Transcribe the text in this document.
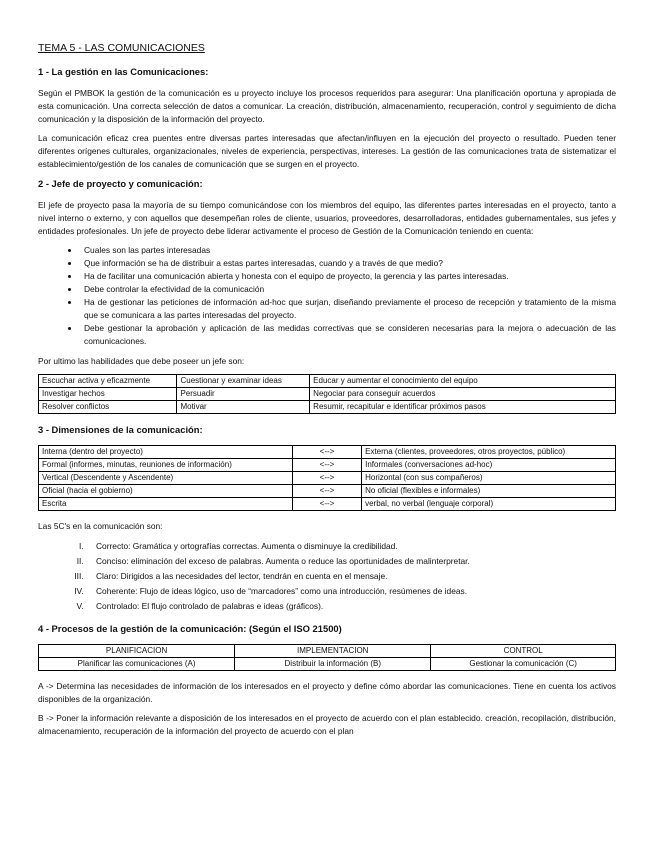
TEMA 5 - LAS COMUNICACIONES
1 - La gestión en las Comunicaciones:

Según el PMBOK la gestión de la comunicación es u proyecto incluye los procesos requeridos para asegurar: Una planificación oportuna y apropiada de esta comunicación. Una correcta selección de datos a comunicar. La creación, distribución, almacenamiento, recuperación, control y seguimiento de dicha comunicación y la disposición de la información del proyecto.

La comunicación eficaz crea puentes entre diversas partes interesadas que afectan/influyen en la ejecución del proyecto o resultado. Pueden tener diferentes orígenes culturales, organizacionales, niveles de experiencia, perspectivas, intereses. La gestión de las comunicaciones trata de sistematizar el establecimiento/gestión de los canales de comunicación que se surgen en el proyecto.

2 - Jefe de proyecto y comunicación:

El jefe de proyecto pasa la mayoría de su tiempo comunicándose con los miembros del equipo, las diferentes partes interesadas en el proyecto, tanto a nivel interno o externo, y con aquellos que desempeñan roles de cliente, usuarios, proveedores, desarrolladoras, entidades gubernamentales, sus jefes y entidades profesionales. Un jefe de proyecto debe liderar activamente el proceso de Gestión de la Comunicación teniendo en cuenta:

• Cuales son las partes interesadas
• Que información se ha de distribuir a estas partes interesadas, cuando y a través de que medio?
• Ha de facilitar una comunicación abierta y honesta con el equipo de proyecto, la gerencia y las partes interesadas.
• Debe controlar la efectividad de la comunicación
• Ha de gestionar las peticiones de información ad-hoc que surjan, diseñando previamente el proceso de recepción y tratamiento de la misma que se comunicara a las partes interesadas del proyecto.
• Debe gestionar la aprobación y aplicación de las medidas correctivas que se consideren necesarias para la mejora o adecuación de las comunicaciones.

Por ultimo las habilidades que debe poseer un jefe son:

Escuchar activa y eficazmente	Cuestionar y examinar ideas	Educar y aumentar el conocimiento del equipo
Investigar hechos	Persuadir	Negociar para conseguir acuerdos
Resolver conflictos	Motivar	Resumir, recapitular e identificar próximos pasos
3 - Dimensiones de la comunicación:
Interna (dentro del proyecto)	<-->	Externa (clientes, proveedores, otros proyectos, público)
Formal (informes, minutas, reuniones de información)	<-->	Informales (conversaciones ad-hoc)
Vertical (Descendente y Ascendente)	<-->	Horizontal (con sus compañeros)
Oficial (hacia el gobierno)	<-->	No oficial (flexibles e informales)
Escrita	<-->	verbal, no verbal (lenguaje corporal)

Las 5C's en la comunicación son:

I. Correcto: Gramática y ortografías correctas. Aumenta o disminuye la credibilidad.
II. Conciso: eliminación del exceso de palabras. Aumenta o reduce las oportunidades de malinterpretar.
III. Claro: Dirigidos a las necesidades del lector, tendrán en cuenta en el mensaje.
IV. Coherente: Flujo de ideas lógico, uso de “marcadores” como una introducción, resúmenes de ideas.
V. Controlado: El flujo controlado de palabras e ideas (gráficos).
4 - Procesos de la gestión de la comunicación: (Según el ISO 21500)
PLANIFICACION	IMPLEMENTACION	CONTROL
Planificar las comunicaciones (A)	Distribuir la información (B)	Gestionar la comunicación (C)

A -> Determina las necesidades de información de los interesados en el proyecto y define cómo abordar las comunicaciones. Tiene en cuenta los activos disponibles de la organización.

B -> Poner la información relevante a disposición de los interesados en el proyecto de acuerdo con el plan establecido. creación, recopilación, distribución, almacenamiento, recuperación de la información del proyecto de acuerdo con el plan
